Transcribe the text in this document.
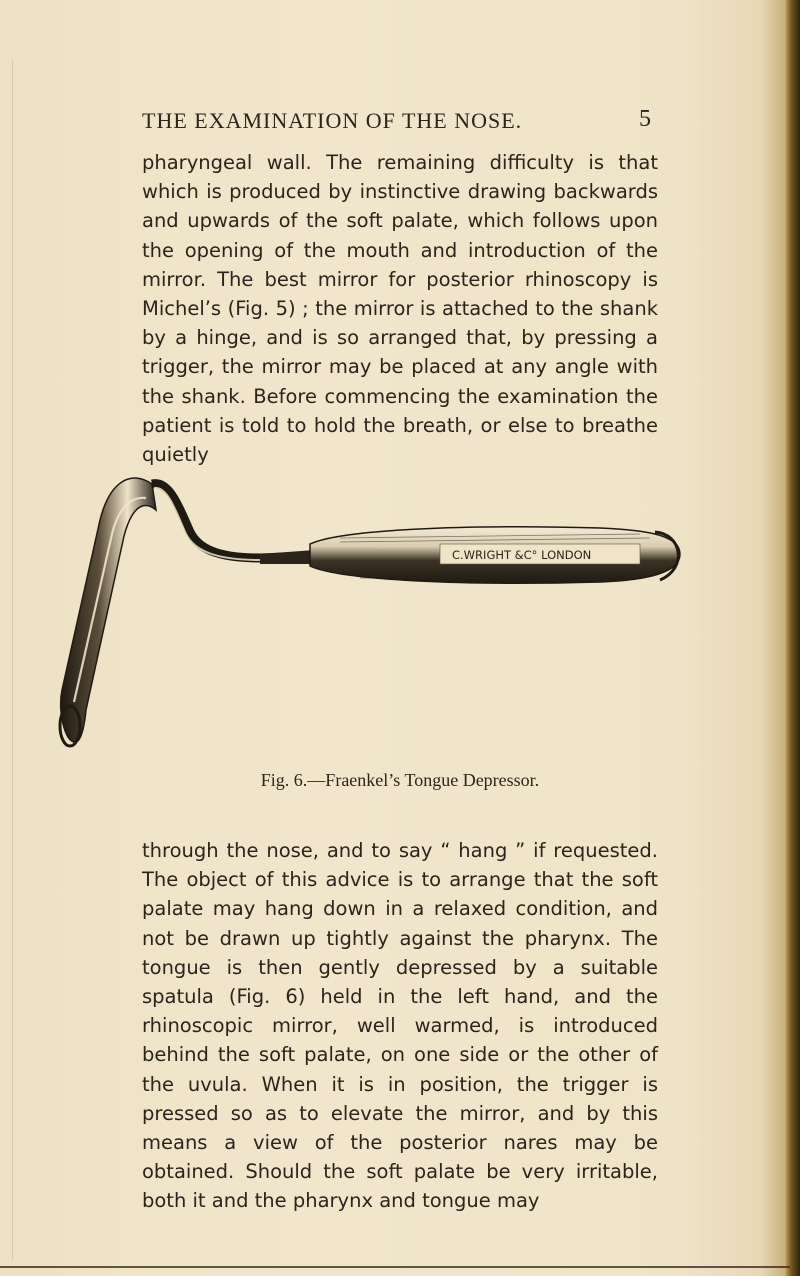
THE EXAMINATION OF THE NOSE.	5

pharyngeal wall. The remaining difficulty is that which is produced by instinctive drawing backwards and upwards of the soft palate, which follows upon the opening of the mouth and introduction of the mirror. The best mirror for posterior rhinoscopy is Michel’s (Fig. 5) ; the mirror is attached to the shank by a hinge, and is so arranged that, by pressing a trigger, the mirror may be placed at any angle with the shank. Before commencing the examination the patient is told to hold the breath, or else to breathe quietly

C.WRIGHT &C° LONDON
Fig. 6.—Fraenkel’s Tongue Depressor.

through the nose, and to say “ hang ” if requested. The object of this advice is to arrange that the soft palate may hang down in a relaxed condition, and not be drawn up tightly against the pharynx. The tongue is then gently depressed by a suitable spatula (Fig. 6) held in the left hand, and the rhinoscopic mirror, well warmed, is introduced behind the soft palate, on one side or the other of the uvula. When it is in position, the trigger is pressed so as to elevate the mirror, and by this means a view of the posterior nares may be obtained. Should the soft palate be very irritable, both it and the pharynx and tongue may
